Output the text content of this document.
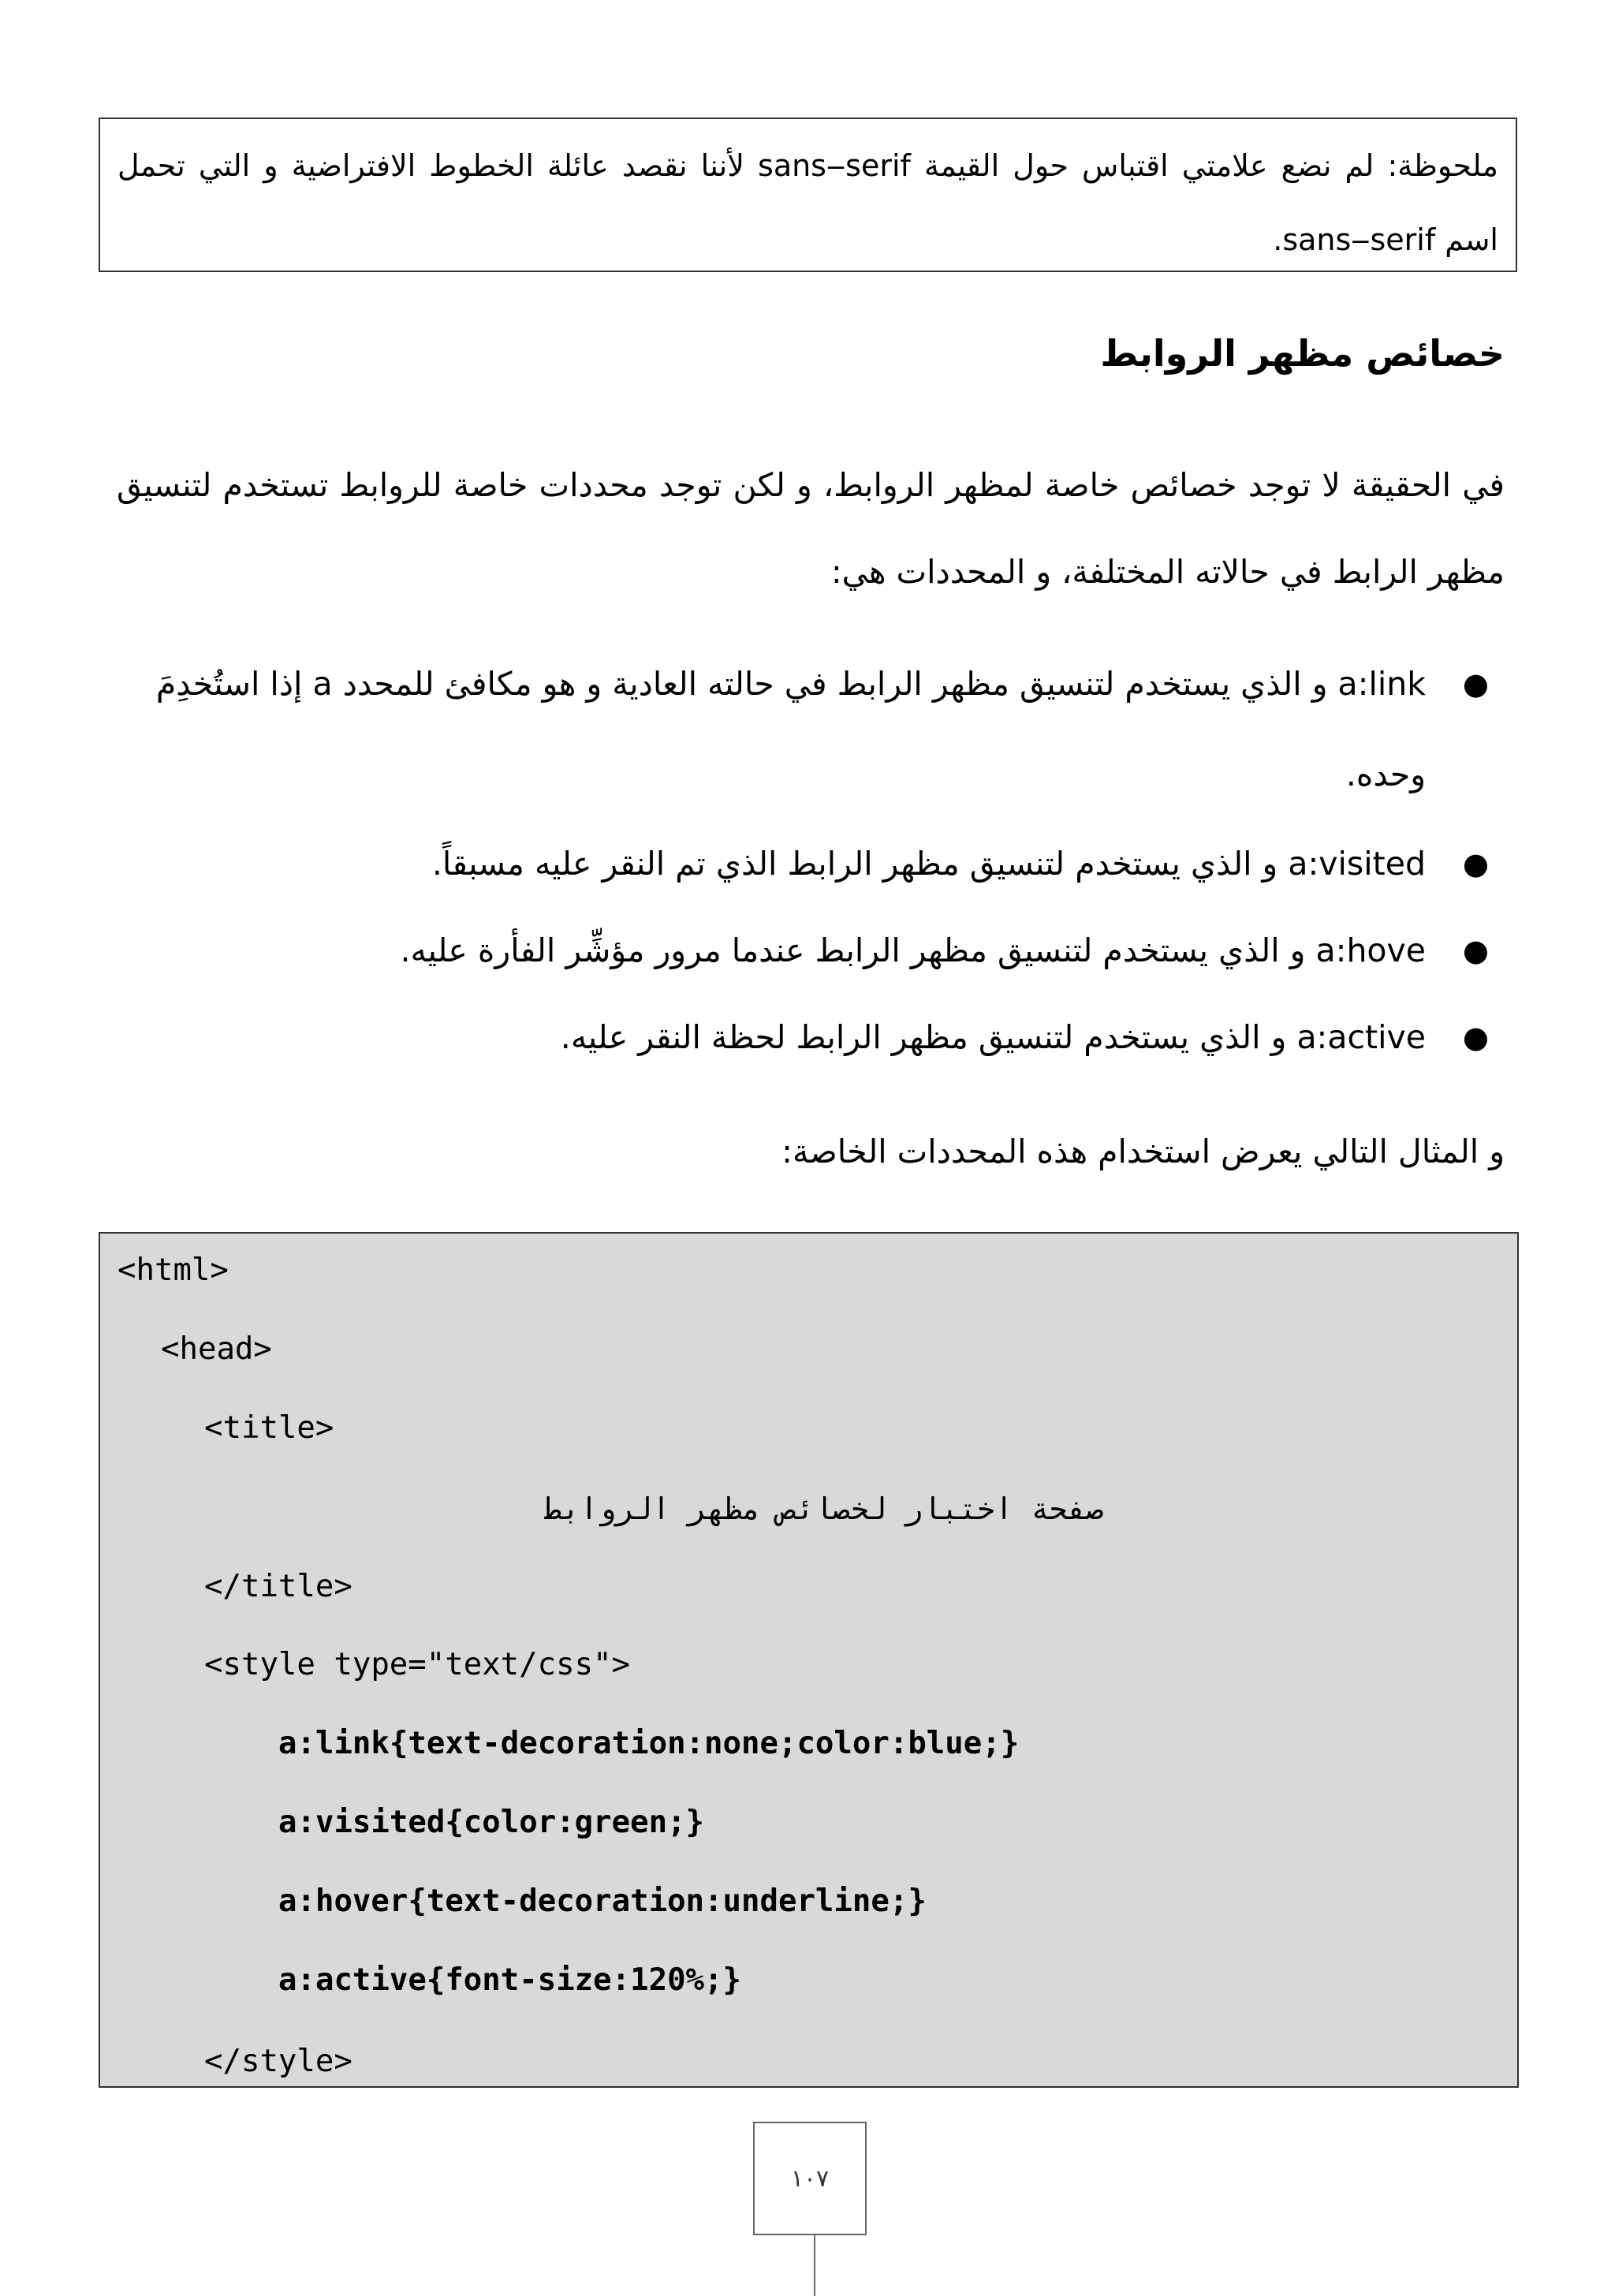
ملحوظة: لم نضع علامتي اقتباس حول القيمة sans‒serif لأننا نقصد عائلة الخطوط الافتراضية و التي تحمل اسم sans‒serif.
خصائص مظهر الروابط

في الحقيقة لا توجد خصائص خاصة لمظهر الروابط، و لكن توجد محددات خاصة للروابط تستخدم لتنسيق مظهر الرابط في حالاته المختلفة، و المحددات هي:

●
a:link و الذي يستخدم لتنسيق مظهر الرابط في حالته العادية و هو مكافئ للمحدد a إذا استُخدِمَ وحده.
●
a:visited و الذي يستخدم لتنسيق مظهر الرابط الذي تم النقر عليه مسبقاً.
●
a:hove و الذي يستخدم لتنسيق مظهر الرابط عندما مرور مؤشِّر الفأرة عليه.
●
a:active و الذي يستخدم لتنسيق مظهر الرابط لحظة النقر عليه.

و المثال التالي يعرض استخدام هذه المحددات الخاصة:

<html>
<head>
<title>
صفحة اختبار لخصائص مظهر الروابط
</title>
<style type="text/css">
a:link{text-decoration:none;color:blue;}
a:visited{color:green;}
a:hover{text-decoration:underline;}
a:active{font-size:120%;}
</style>
١٠٧
